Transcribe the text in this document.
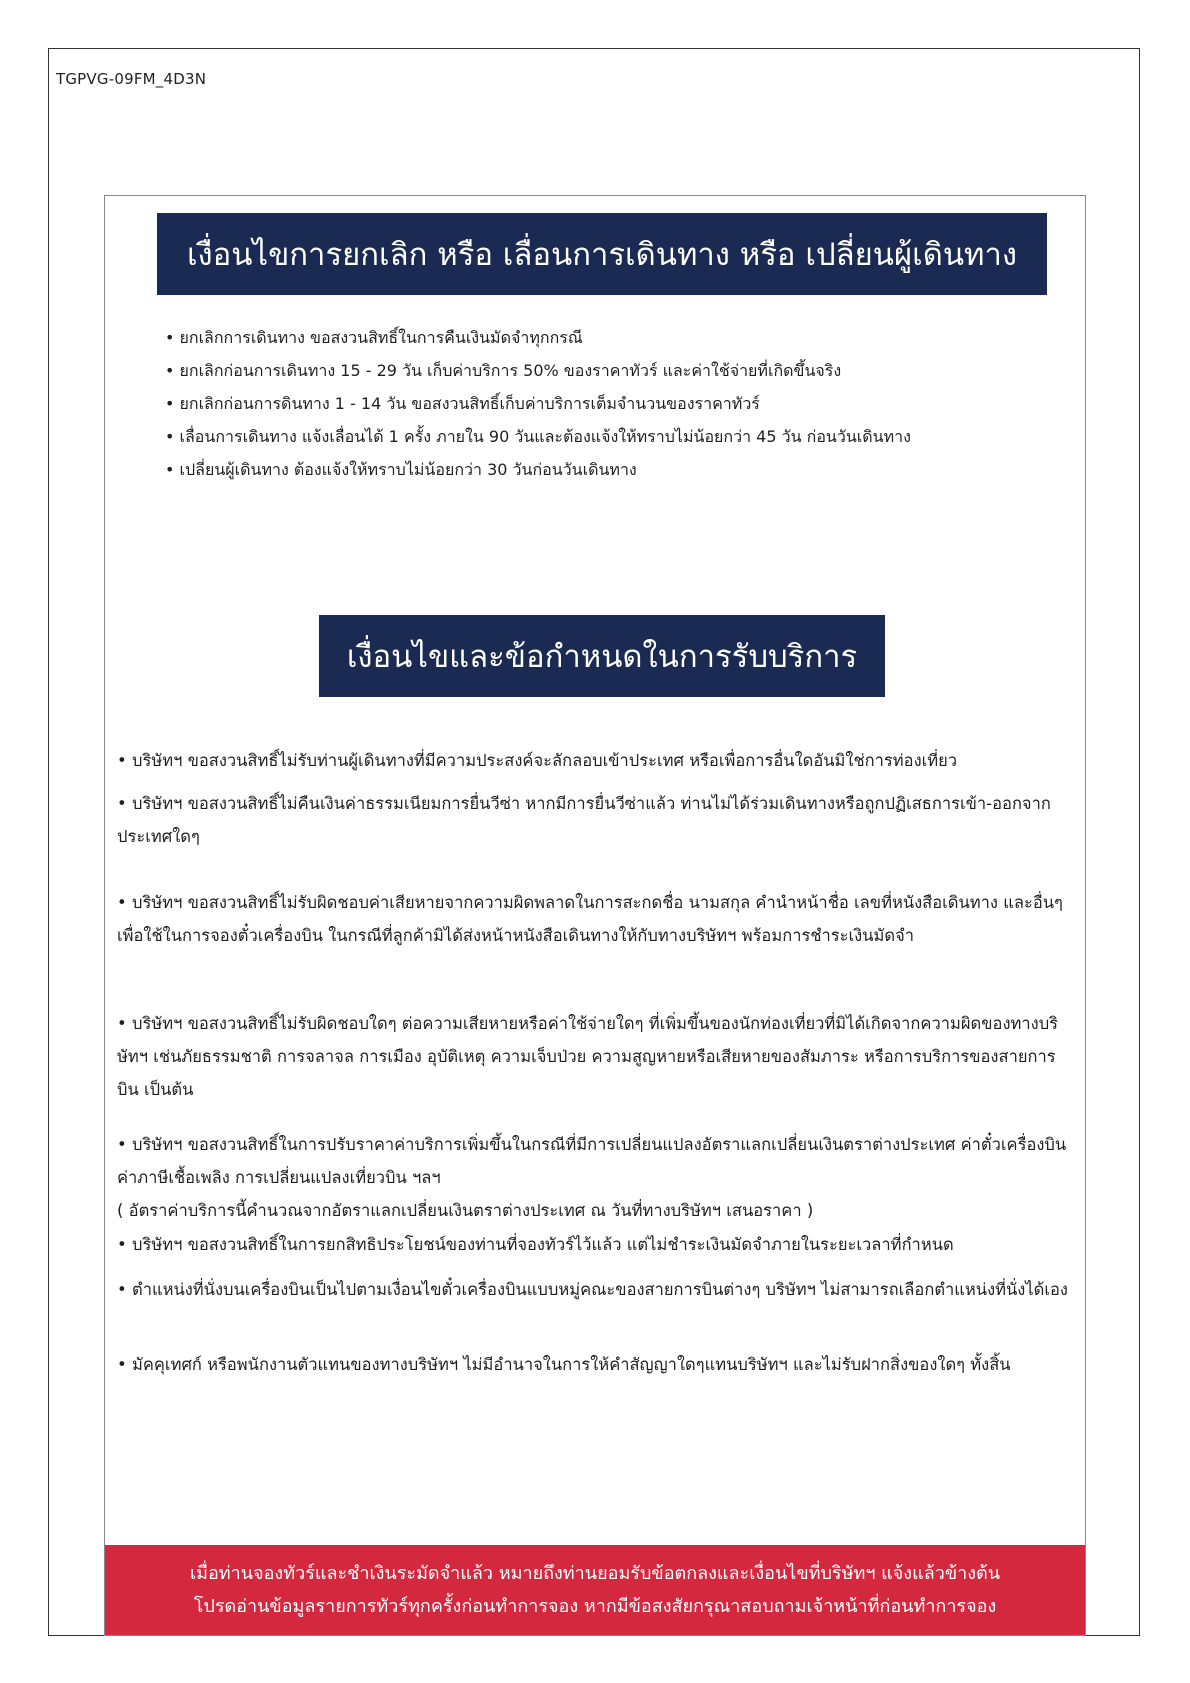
TGPVG-09FM_4D3N
เงื่อนไขการยกเลิก หรือ เลื่อนการเดินทาง หรือ เปลี่ยนผู้เดินทาง
• ยกเลิกการเดินทาง ขอสงวนสิทธิ์ในการคืนเงินมัดจำทุกกรณี
• ยกเลิกก่อนการเดินทาง 15 - 29 วัน เก็บค่าบริการ 50% ของราคาทัวร์ และค่าใช้จ่ายที่เกิดขึ้นจริง
• ยกเลิกก่อนการดินทาง 1 - 14 วัน ขอสงวนสิทธิ์เก็บค่าบริการเต็มจำนวนของราคาทัวร์
• เลื่อนการเดินทาง แจ้งเลื่อนได้ 1 ครั้ง ภายใน 90 วันและต้องแจ้งให้ทราบไม่น้อยกว่า 45 วัน ก่อนวันเดินทาง
• เปลี่ยนผู้เดินทาง ต้องแจ้งให้ทราบไม่น้อยกว่า 30 วันก่อนวันเดินทาง
เงื่อนไขและข้อกำหนดในการรับบริการ

• บริษัทฯ ขอสงวนสิทธิ์ไม่รับท่านผู้เดินทางที่มีความประสงค์จะลักลอบเข้าประเทศ หรือเพื่อการอื่นใดอันมิใช่การท่องเที่ยว

• บริษัทฯ ขอสงวนสิทธิ์ไม่คืนเงินค่าธรรมเนียมการยื่นวีซ่า หากมีการยื่นวีซ่าแล้ว ท่านไม่ได้ร่วมเดินทางหรือถูกปฏิเสธการเข้า-ออกจากประเทศใดๆ

• บริษัทฯ ขอสงวนสิทธิ์ไม่รับผิดชอบค่าเสียหายจากความผิดพลาดในการสะกดชื่อ นามสกุล คำนำหน้าชื่อ เลขที่หนังสือเดินทาง และอื่นๆ เพื่อใช้ในการจองตั๋วเครื่องบิน ในกรณีที่ลูกค้ามิได้ส่งหน้าหนังสือเดินทางให้กับทางบริษัทฯ พร้อมการชำระเงินมัดจำ

• บริษัทฯ ขอสงวนสิทธิ์ไม่รับผิดชอบใดๆ ต่อความเสียหายหรือค่าใช้จ่ายใดๆ ที่เพิ่มขึ้นของนักท่องเที่ยวที่มิได้เกิดจากความผิดของทางบริษัทฯ เช่นภัยธรรมชาติ การจลาจล การเมือง อุบัติเหตุ ความเจ็บป่วย ความสูญหายหรือเสียหายของสัมภาระ หรือการบริการของสายการบิน เป็นต้น

• บริษัทฯ ขอสงวนสิทธิ์ในการปรับราคาค่าบริการเพิ่มขึ้นในกรณีที่มีการเปลี่ยนแปลงอัตราแลกเปลี่ยนเงินตราต่างประเทศ ค่าตั๋วเครื่องบินค่าภาษีเชื้อเพลิง การเปลี่ยนแปลงเที่ยวบิน ฯลฯ
( อัตราค่าบริการนี้คำนวณจากอัตราแลกเปลี่ยนเงินตราต่างประเทศ ณ วันที่ทางบริษัทฯ เสนอราคา )

• บริษัทฯ ขอสงวนสิทธิ์ในการยกสิทธิประโยชน์ของท่านที่จองทัวร์ไว้แล้ว แต่ไม่ชำระเงินมัดจำภายในระยะเวลาที่กำหนด

• ตำแหน่งที่นั่งบนเครื่องบินเป็นไปตามเงื่อนไขตั๋วเครื่องบินแบบหมู่คณะของสายการบินต่างๆ บริษัทฯ ไม่สามารถเลือกตำแหน่งที่นั่งได้เอง

• มัคคุเทศก์ หรือพนักงานตัวแทนของทางบริษัทฯ ไม่มีอำนาจในการให้คำสัญญาใดๆแทนบริษัทฯ และไม่รับฝากสิ่งของใดๆ ทั้งสิ้น

เมื่อท่านจองทัวร์และชำเงินระมัดจำแล้ว หมายถึงท่านยอมรับข้อตกลงและเงื่อนไขที่บริษัทฯ แจ้งแล้วข้างต้น
โปรดอ่านข้อมูลรายการทัวร์ทุกครั้งก่อนทำการจอง หากมีข้อสงสัยกรุณาสอบถามเจ้าหน้าที่ก่อนทำการจอง
